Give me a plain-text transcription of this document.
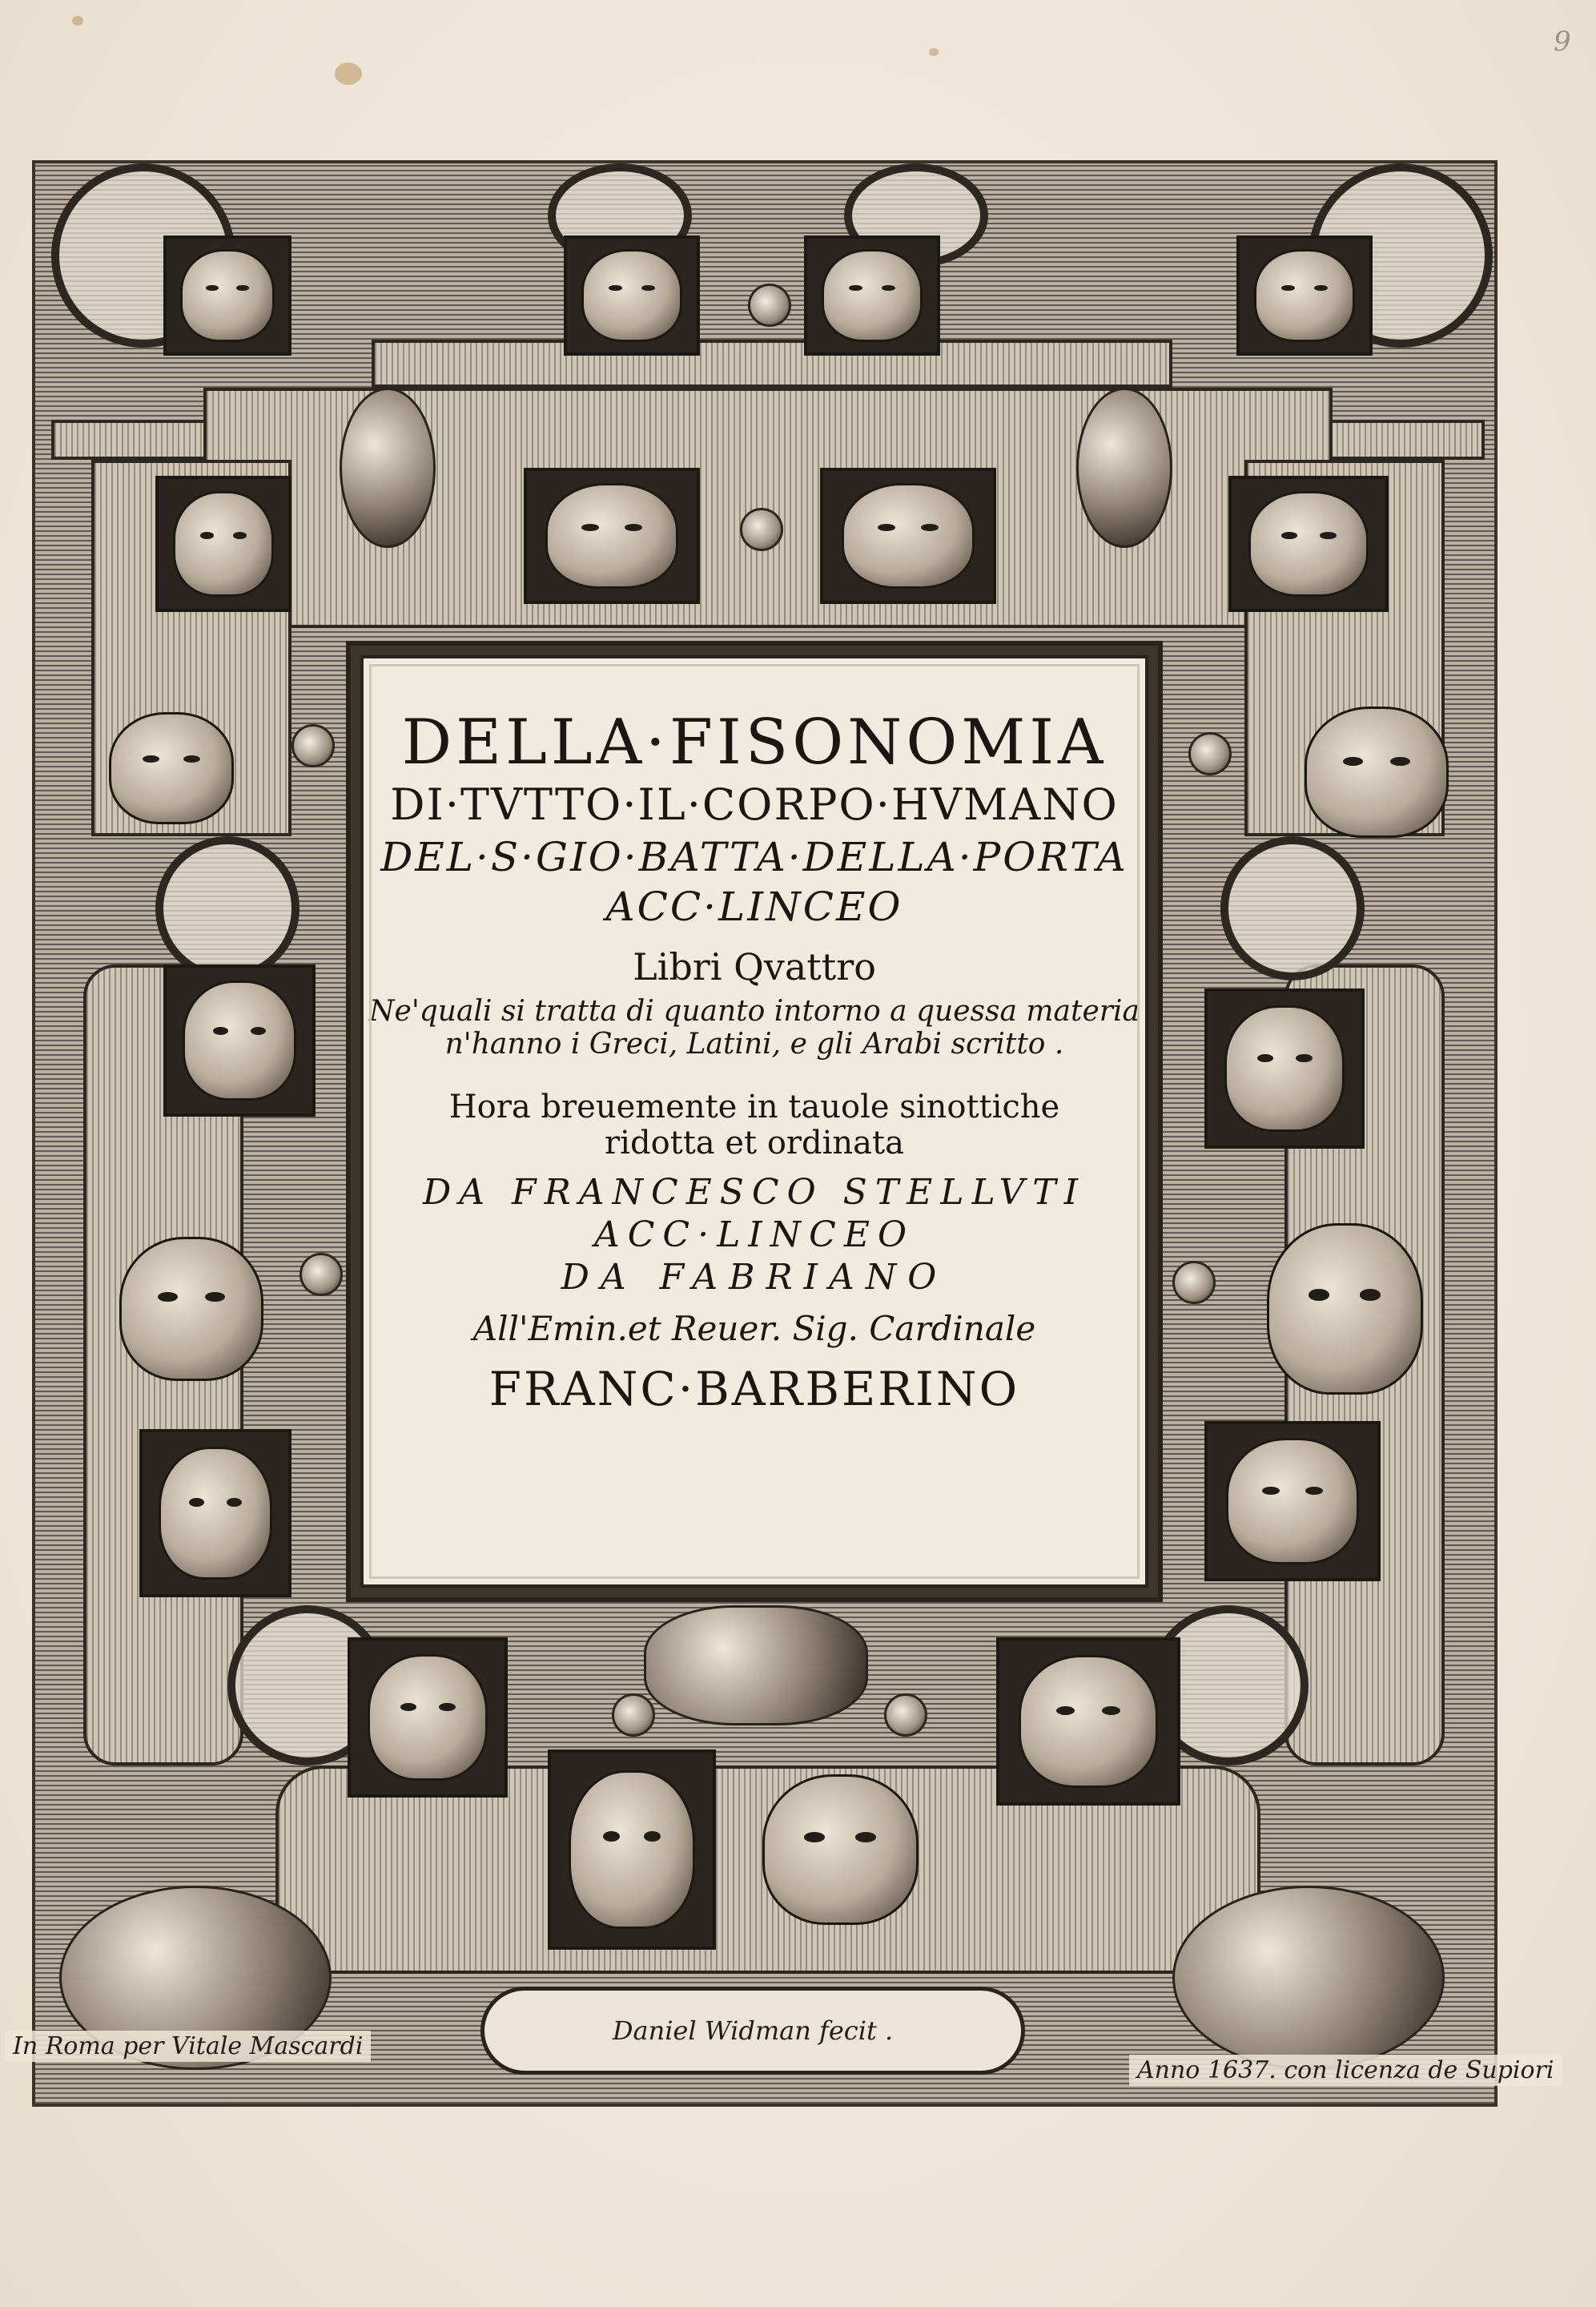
9
DELLA·FISONOMIA
DI·TVTTO·IL·CORPO·HVMANO
DEL·S·GIO·BATTA·DELLA·PORTA
ACC·LINCEO
Libri Qvattro
Ne'quali si tratta di quanto intorno a quessa materia
n'hanno i Greci, Latini, e gli Arabi scritto .
Hora breuemente in tauole sinottiche
ridotta et ordinata
DA FRANCESCO STELLVTI
ACC·LINCEO
DA FABRIANO
All'Emin.et Reuer. Sig. Cardinale
FRANC·BARBERINO
Daniel Widman fecit .
In Roma per Vitale Mascardi
Anno 1637. con licenza de Supiori
